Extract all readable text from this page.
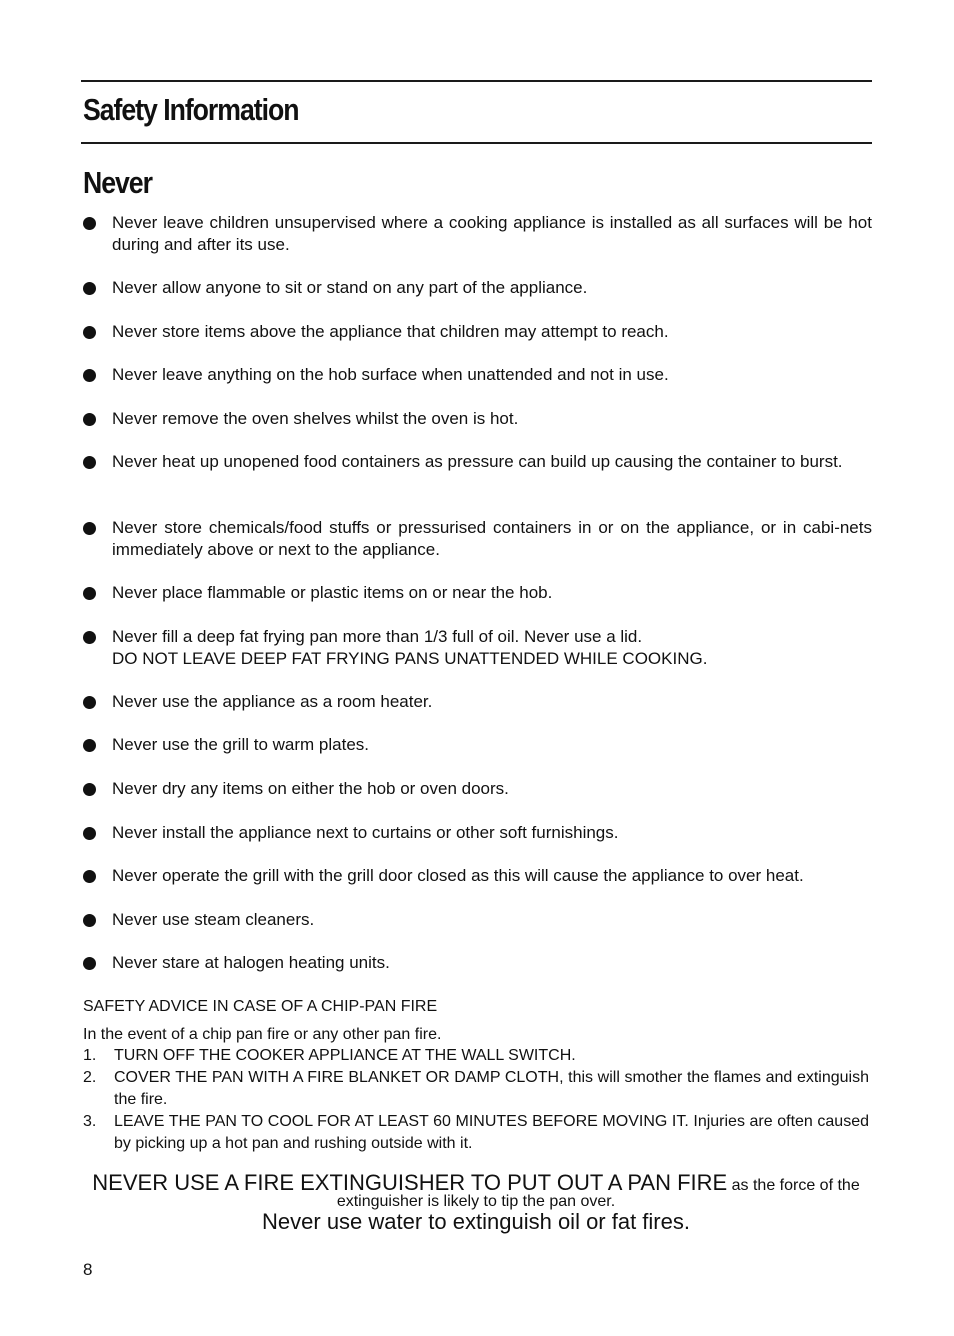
Safety Information
Never
Never leave children unsupervised where a cooking appliance is installed as all surfaces will be hot during and after its use.
Never allow anyone to sit or stand on any part of the appliance.
Never store items above the appliance that children may attempt to reach.
Never leave anything on the hob surface when unattended and not in use.
Never remove the oven shelves whilst the oven is hot.
Never heat up unopened food containers as pressure can build up causing the container to burst.
Never store chemicals/food stuffs or pressurised containers in or on the appliance, or in cabi-nets immediately above or next to the appliance.
Never place flammable or plastic items on or near the hob.
Never fill a deep fat frying pan more than 1/3 full of oil. Never use a lid.
DO NOT LEAVE DEEP FAT FRYING PANS UNATTENDED WHILE COOKING.
Never use the appliance as a room heater.
Never use the grill to warm plates.
Never dry any items on either the hob or oven doors.
Never install the appliance next to curtains or other soft furnishings.
Never operate the grill with the grill door closed as this will cause the appliance to over heat.
Never use steam cleaners.
Never stare at halogen heating units.
SAFETY ADVICE IN CASE OF A CHIP-PAN FIRE
In the event of a chip pan fire or any other pan fire.
1. TURN OFF THE COOKER APPLIANCE AT THE WALL SWITCH.
2. COVER THE PAN WITH A FIRE BLANKET OR DAMP CLOTH, this will smother the flames and extinguish the fire.
3. LEAVE THE PAN TO COOL FOR AT LEAST 60 MINUTES BEFORE MOVING IT. Injuries are often caused by picking up a hot pan and rushing outside with it.
NEVER USE A FIRE EXTINGUISHER TO PUT OUT A PAN FIRE as the force of the
extinguisher is likely to tip the pan over.
Never use water to extinguish oil or fat fires.
8
